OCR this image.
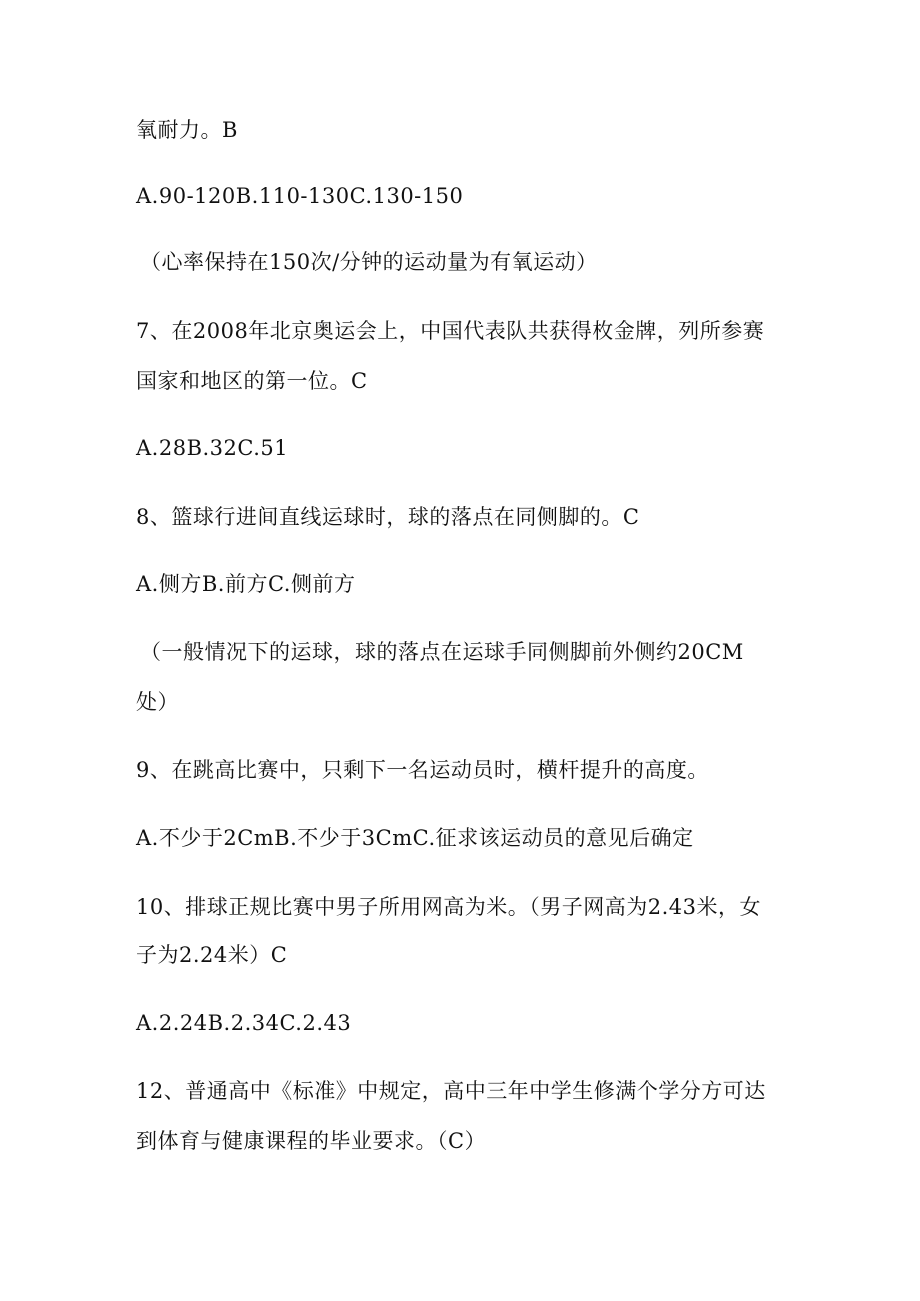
氧耐力。B
A.90-120B.110-130C.130-150
（心率保持在150次/分钟的运动量为有氧运动）
7、在2008年北京奥运会上，中国代表队共获得枚金牌，列所参赛
国家和地区的第一位。C
A.28B.32C.51
8、篮球行进间直线运球时，球的落点在同侧脚的。C
A.侧方B.前方C.侧前方
（一般情况下的运球，球的落点在运球手同侧脚前外侧约20CM
处）
9、在跳高比赛中，只剩下一名运动员时，横杆提升的高度。
A.不少于2CmB.不少于3CmC.征求该运动员的意见后确定
10、排球正规比赛中男子所用网高为米。（男子网高为2.43米，女
子为2.24米）C
A.2.24B.2.34C.2.43
12、普通高中《标准》中规定，高中三年中学生修满个学分方可达
到体育与健康课程的毕业要求。（C）
